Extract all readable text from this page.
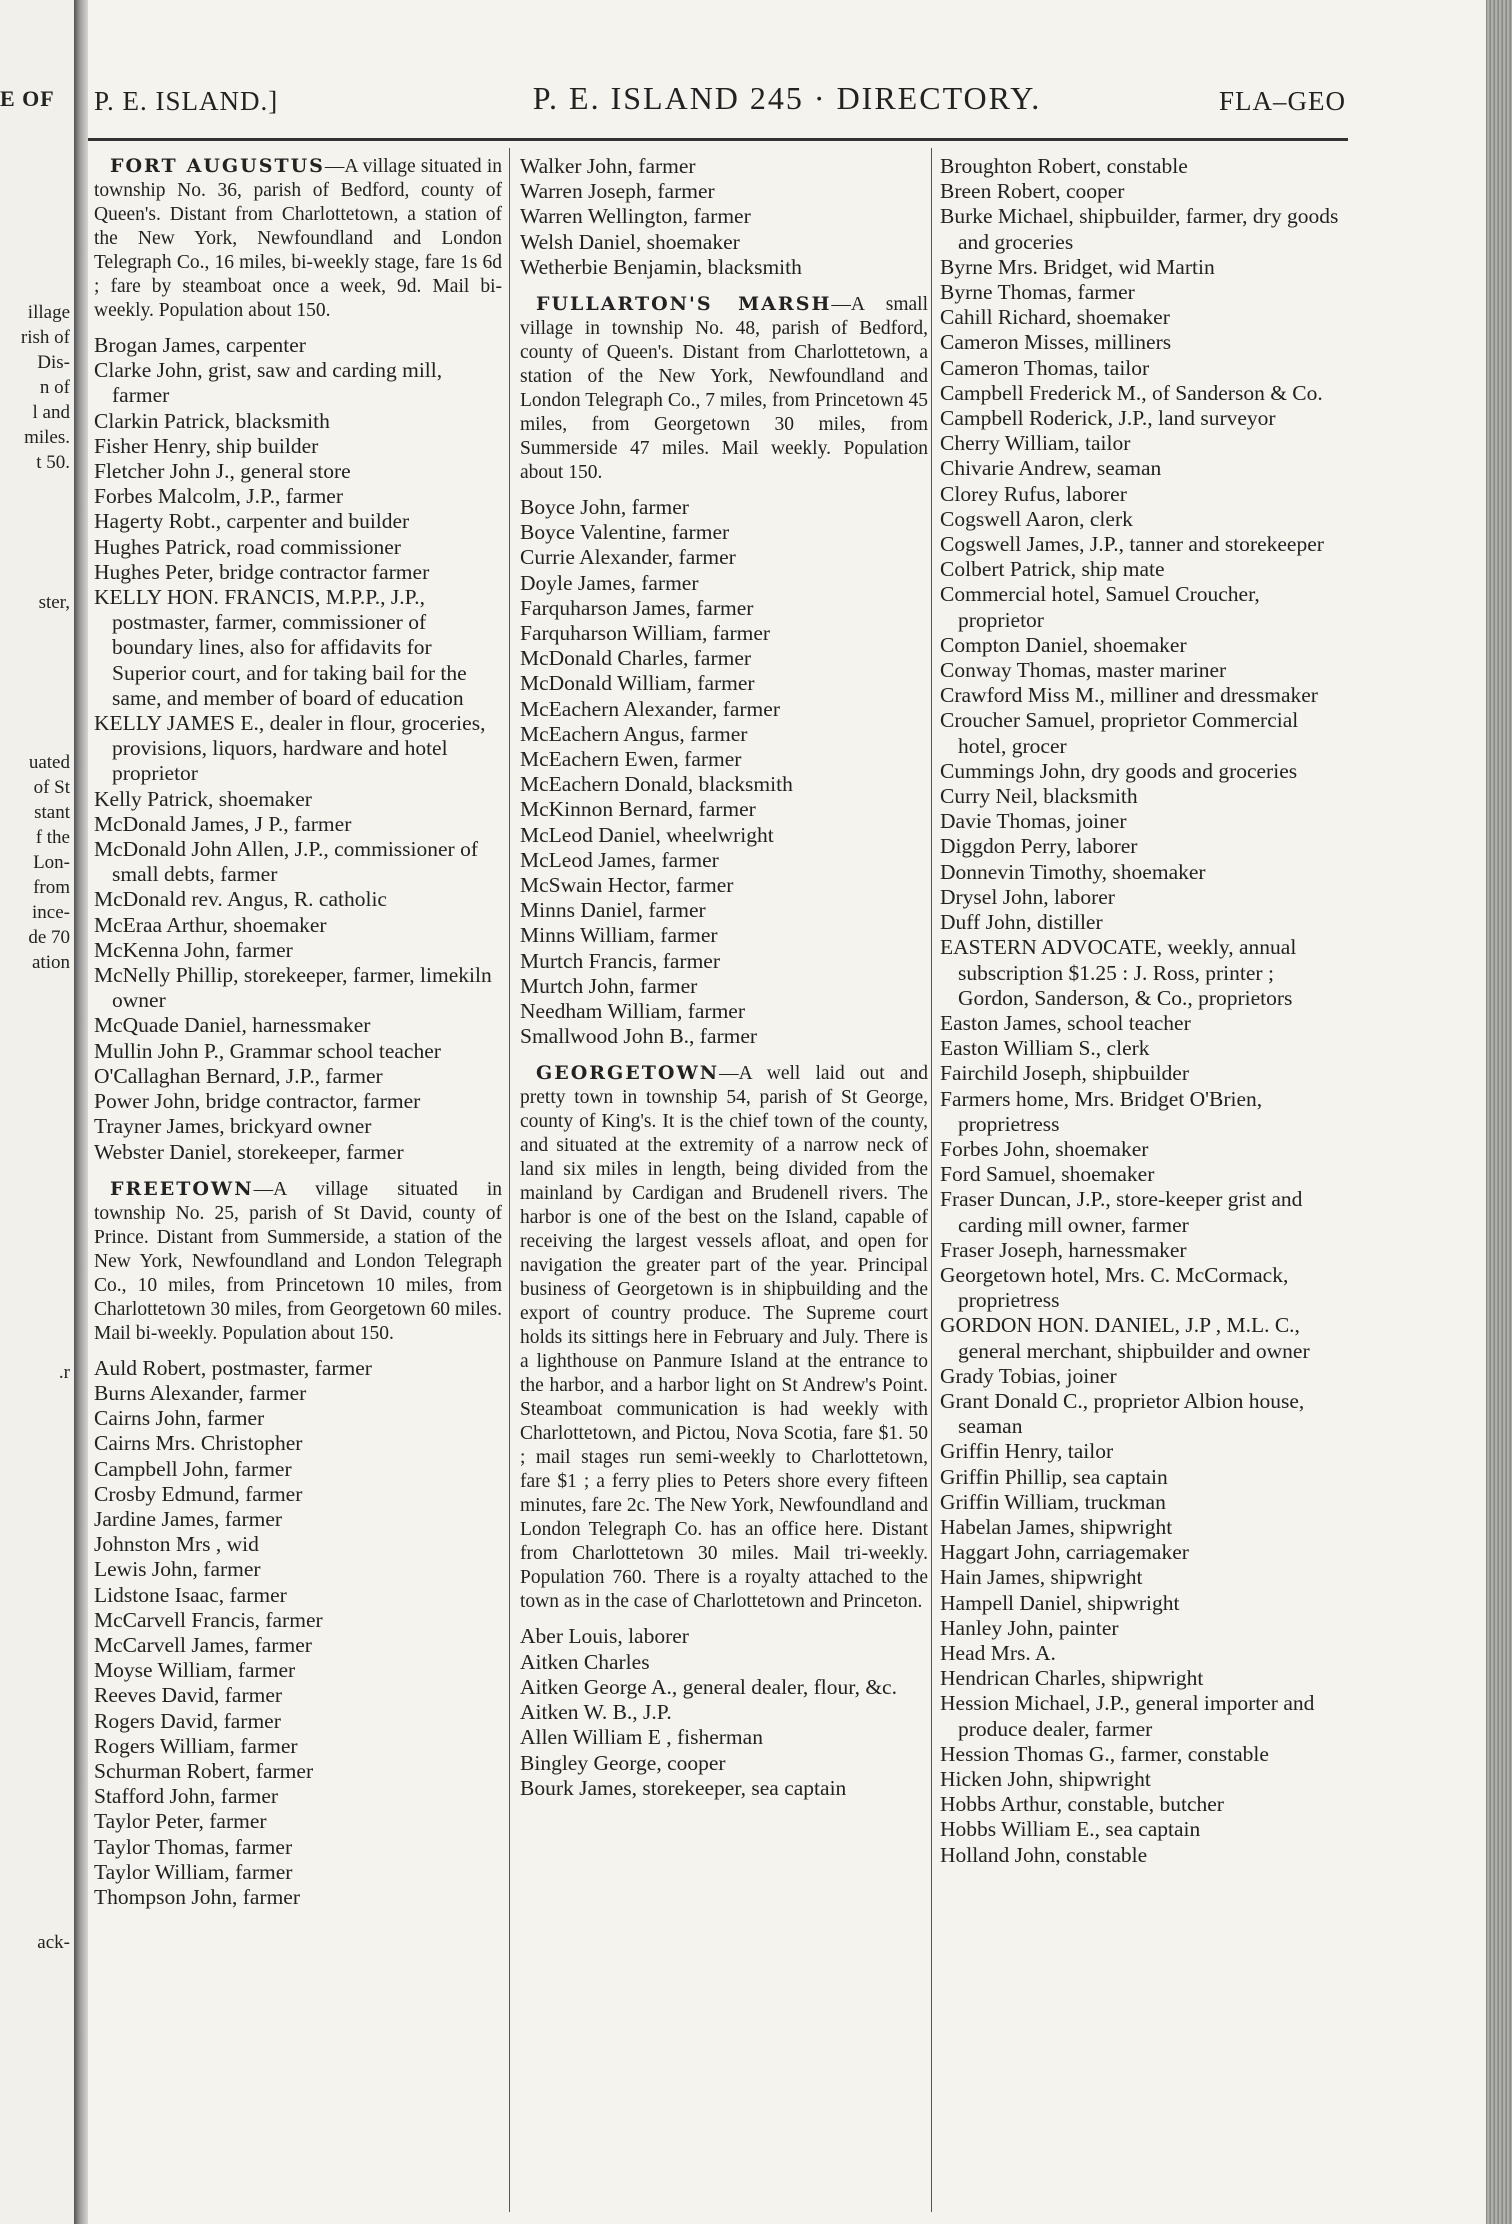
E OF
illage
rish of
Dis-
n of
l and
miles.
t 50.
ster,
uated
of St
stant
f the
Lon-
from
ince-
de 70
ation
.r
ack-
P. E. ISLAND.]	P. E. ISLAND 245 · DIRECTORY.	FLA–GEO

FORT AUGUSTUS—A village situated in township No. 36, parish of Bedford, county of Queen's. Distant from Charlottetown, a station of the New York, Newfoundland and London Telegraph Co., 16 miles, bi-weekly stage, fare 1s 6d ; fare by steamboat once a week, 9d. Mail bi-weekly. Population about 150.

Brogan James, carpenter

Clarke John, grist, saw and carding mill, farmer

Clarkin Patrick, blacksmith

Fisher Henry, ship builder

Fletcher John J., general store

Forbes Malcolm, J.P., farmer

Hagerty Robt., carpenter and builder

Hughes Patrick, road commissioner

Hughes Peter, bridge contractor farmer

KELLY HON. FRANCIS, M.P.P., J.P., postmaster, farmer, commissioner of boundary lines, also for affidavits for Superior court, and for taking bail for the same, and member of board of education

KELLY JAMES E., dealer in flour, groceries, provisions, liquors, hardware and hotel proprietor

Kelly Patrick, shoemaker

McDonald James, J P., farmer

McDonald John Allen, J.P., commissioner of small debts, farmer

McDonald rev. Angus, R. catholic

McEraa Arthur, shoemaker

McKenna John, farmer

McNelly Phillip, storekeeper, farmer, limekiln owner

McQuade Daniel, harnessmaker

Mullin John P., Grammar school teacher

O'Callaghan Bernard, J.P., farmer

Power John, bridge contractor, farmer

Trayner James, brickyard owner

Webster Daniel, storekeeper, farmer

FREETOWN—A village situated in township No. 25, parish of St David, county of Prince. Distant from Summerside, a station of the New York, Newfoundland and London Telegraph Co., 10 miles, from Princetown 10 miles, from Charlottetown 30 miles, from Georgetown 60 miles. Mail bi-weekly. Population about 150.

Auld Robert, postmaster, farmer

Burns Alexander, farmer

Cairns John, farmer

Cairns Mrs. Christopher

Campbell John, farmer

Crosby Edmund, farmer

Jardine James, farmer

Johnston Mrs , wid

Lewis John, farmer

Lidstone Isaac, farmer

McCarvell Francis, farmer

McCarvell James, farmer

Moyse William, farmer

Reeves David, farmer

Rogers David, farmer

Rogers William, farmer

Schurman Robert, farmer

Stafford John, farmer

Taylor Peter, farmer

Taylor Thomas, farmer

Taylor William, farmer

Thompson John, farmer

Walker John, farmer

Warren Joseph, farmer

Warren Wellington, farmer

Welsh Daniel, shoemaker

Wetherbie Benjamin, blacksmith

FULLARTON'S MARSH—A small village in township No. 48, parish of Bedford, county of Queen's. Distant from Charlottetown, a station of the New York, Newfoundland and London Telegraph Co., 7 miles, from Princetown 45 miles, from Georgetown 30 miles, from Summerside 47 miles. Mail weekly. Population about 150.

Boyce John, farmer

Boyce Valentine, farmer

Currie Alexander, farmer

Doyle James, farmer

Farquharson James, farmer

Farquharson William, farmer

McDonald Charles, farmer

McDonald William, farmer

McEachern Alexander, farmer

McEachern Angus, farmer

McEachern Ewen, farmer

McEachern Donald, blacksmith

McKinnon Bernard, farmer

McLeod Daniel, wheelwright

McLeod James, farmer

McSwain Hector, farmer

Minns Daniel, farmer

Minns William, farmer

Murtch Francis, farmer

Murtch John, farmer

Needham William, farmer

Smallwood John B., farmer

GEORGETOWN—A well laid out and pretty town in township 54, parish of St George, county of King's. It is the chief town of the county, and situated at the extremity of a narrow neck of land six miles in length, being divided from the mainland by Cardigan and Brudenell rivers. The harbor is one of the best on the Island, capable of receiving the largest vessels afloat, and open for navigation the greater part of the year. Principal business of Georgetown is in shipbuilding and the export of country produce. The Supreme court holds its sittings here in February and July. There is a lighthouse on Panmure Island at the entrance to the harbor, and a harbor light on St Andrew's Point. Steamboat communication is had weekly with Charlottetown, and Pictou, Nova Scotia, fare $1. 50 ; mail stages run semi-weekly to Charlottetown, fare $1 ; a ferry plies to Peters shore every fifteen minutes, fare 2c. The New York, Newfoundland and London Telegraph Co. has an office here. Distant from Charlottetown 30 miles. Mail tri-weekly. Population 760. There is a royalty attached to the town as in the case of Charlottetown and Princeton.

Aber Louis, laborer

Aitken Charles

Aitken George A., general dealer, flour, &c.

Aitken W. B., J.P.

Allen William E , fisherman

Bingley George, cooper

Bourk James, storekeeper, sea captain

Broughton Robert, constable

Breen Robert, cooper

Burke Michael, shipbuilder, farmer, dry goods and groceries

Byrne Mrs. Bridget, wid Martin

Byrne Thomas, farmer

Cahill Richard, shoemaker

Cameron Misses, milliners

Cameron Thomas, tailor

Campbell Frederick M., of Sanderson & Co.

Campbell Roderick, J.P., land surveyor

Cherry William, tailor

Chivarie Andrew, seaman

Clorey Rufus, laborer

Cogswell Aaron, clerk

Cogswell James, J.P., tanner and storekeeper

Colbert Patrick, ship mate

Commercial hotel, Samuel Croucher, proprietor

Compton Daniel, shoemaker

Conway Thomas, master mariner

Crawford Miss M., milliner and dressmaker

Croucher Samuel, proprietor Commercial hotel, grocer

Cummings John, dry goods and groceries

Curry Neil, blacksmith

Davie Thomas, joiner

Diggdon Perry, laborer

Donnevin Timothy, shoemaker

Drysel John, laborer

Duff John, distiller

EASTERN ADVOCATE, weekly, annual subscription $1.25 : J. Ross, printer ; Gordon, Sanderson, & Co., proprietors

Easton James, school teacher

Easton William S., clerk

Fairchild Joseph, shipbuilder

Farmers home, Mrs. Bridget O'Brien, proprietress

Forbes John, shoemaker

Ford Samuel, shoemaker

Fraser Duncan, J.P., store-keeper grist and carding mill owner, farmer

Fraser Joseph, harnessmaker

Georgetown hotel, Mrs. C. McCormack, proprietress

GORDON HON. DANIEL, J.P , M.L. C., general merchant, shipbuilder and owner

Grady Tobias, joiner

Grant Donald C., proprietor Albion house, seaman

Griffin Henry, tailor

Griffin Phillip, sea captain

Griffin William, truckman

Habelan James, shipwright

Haggart John, carriagemaker

Hain James, shipwright

Hampell Daniel, shipwright

Hanley John, painter

Head Mrs. A.

Hendrican Charles, shipwright

Hession Michael, J.P., general importer and produce dealer, farmer

Hession Thomas G., farmer, constable

Hicken John, shipwright

Hobbs Arthur, constable, butcher

Hobbs William E., sea captain

Holland John, constable
